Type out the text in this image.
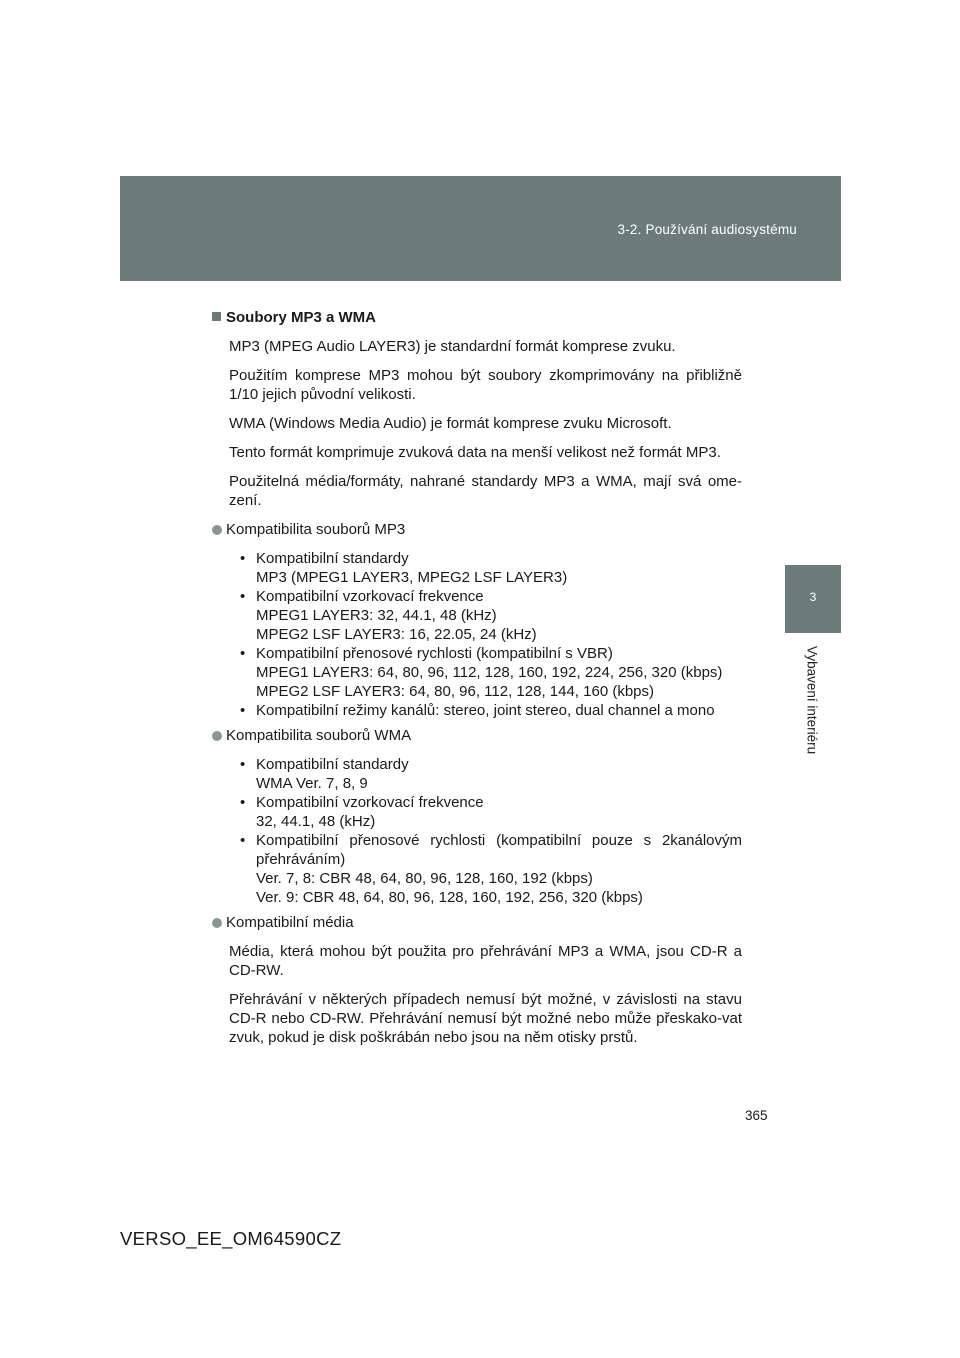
3-2. Používání audiosystému
3
Vybavení interiéru
Soubory MP3 a WMA

MP3 (MPEG Audio LAYER3) je standardní formát komprese zvuku.

Použitím komprese MP3 mohou být soubory zkomprimovány na přibližně 1/10 jejich původní velikosti.

WMA (Windows Media Audio) je formát komprese zvuku Microsoft.

Tento formát komprimuje zvuková data na menší velikost než formát MP3.

Použitelná média/formáty, nahrané standardy MP3 a WMA, mají svá ome-zení.

Kompatibilita souborů MP3
• Kompatibilní standardy
MP3 (MPEG1 LAYER3, MPEG2 LSF LAYER3)
• Kompatibilní vzorkovací frekvence
MPEG1 LAYER3: 32, 44.1, 48 (kHz)
MPEG2 LSF LAYER3: 16, 22.05, 24 (kHz)
• Kompatibilní přenosové rychlosti (kompatibilní s VBR)
MPEG1 LAYER3: 64, 80, 96, 112, 128, 160, 192, 224, 256, 320 (kbps)
MPEG2 LSF LAYER3: 64, 80, 96, 112, 128, 144, 160 (kbps)
• Kompatibilní režimy kanálů: stereo, joint stereo, dual channel a mono
Kompatibilita souborů WMA
• Kompatibilní standardy
WMA Ver. 7, 8, 9
• Kompatibilní vzorkovací frekvence
32, 44.1, 48 (kHz)
• Kompatibilní přenosové rychlosti (kompatibilní pouze s 2kanálovým přehráváním)
Ver. 7, 8: CBR 48, 64, 80, 96, 128, 160, 192 (kbps)
Ver. 9: CBR 48, 64, 80, 96, 128, 160, 192, 256, 320 (kbps)
Kompatibilní média

Média, která mohou být použita pro přehrávání MP3 a WMA, jsou CD-R a CD-RW.

Přehrávání v některých případech nemusí být možné, v závislosti na stavu CD-R nebo CD-RW. Přehrávání nemusí být možné nebo může přeskako-vat zvuk, pokud je disk poškrábán nebo jsou na něm otisky prstů.

365
VERSO_EE_OM64590CZ
